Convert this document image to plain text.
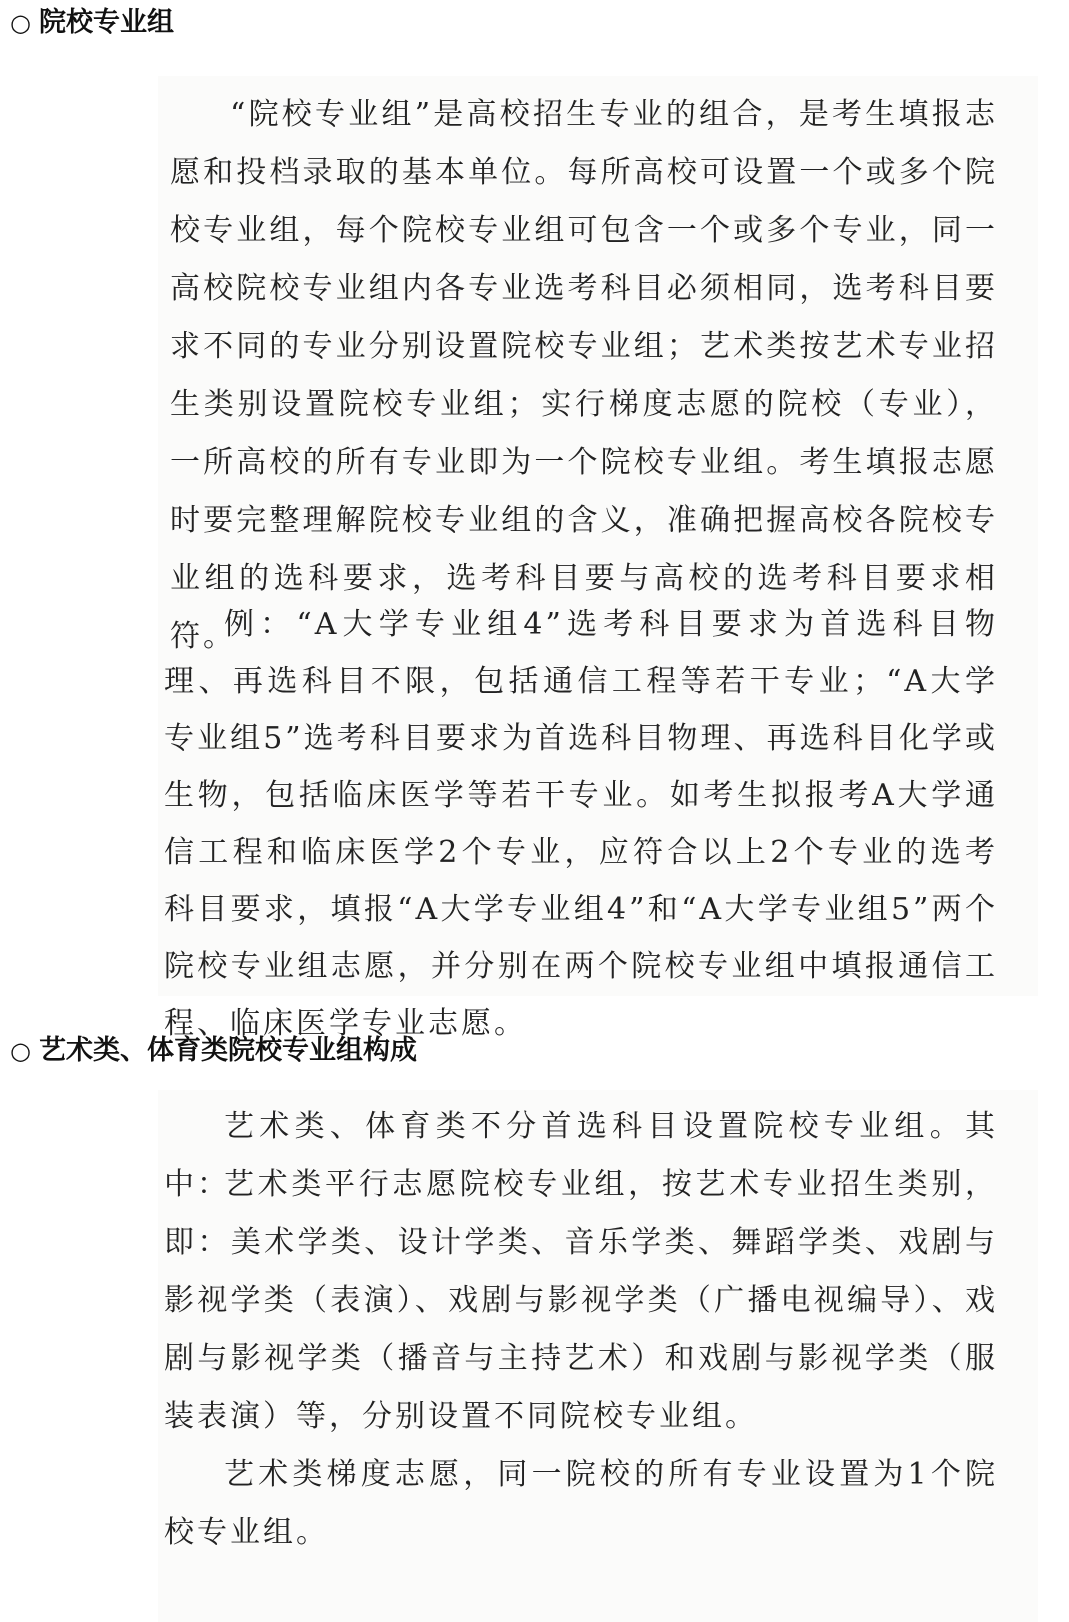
○ 院校专业组

“院校专业组”是高校招生专业的组合，是考生填报志愿和投档录取的基本单位。每所高校可设置一个或多个院校专业组，每个院校专业组可包含一个或多个专业，同一高校院校专业组内各专业选考科目必须相同，选考科目要求不同的专业分别设置院校专业组；艺术类按艺术专业招生类别设置院校专业组；实行梯度志愿的院校（专业），一所高校的所有专业即为一个院校专业组。考生填报志愿时要完整理解院校专业组的含义，准确把握高校各院校专业组的选科要求，选考科目要与高校的选考科目要求相符。

例：“A大学专业组4”选考科目要求为首选科目物理、再选科目不限，包括通信工程等若干专业；“A大学专业组5”选考科目要求为首选科目物理、再选科目化学或生物，包括临床医学等若干专业。如考生拟报考A大学通信工程和临床医学2个专业，应符合以上2个专业的选考科目要求，填报“A大学专业组4”和“A大学专业组5”两个院校专业组志愿，并分别在两个院校专业组中填报通信工程、临床医学专业志愿。

○ 艺术类、体育类院校专业组构成

艺术类、体育类不分首选科目设置院校专业组。其中：

艺术类平行志愿院校专业组，按艺术专业招生类别，即：美术学类、设计学类、音乐学类、舞蹈学类、戏剧与影视学类（表演）、戏剧与影视学类（广播电视编导）、戏剧与影视学类（播音与主持艺术）和戏剧与影视学类（服装表演）等，分别设置不同院校专业组。

艺术类梯度志愿，同一院校的所有专业设置为1个院校专业组。
